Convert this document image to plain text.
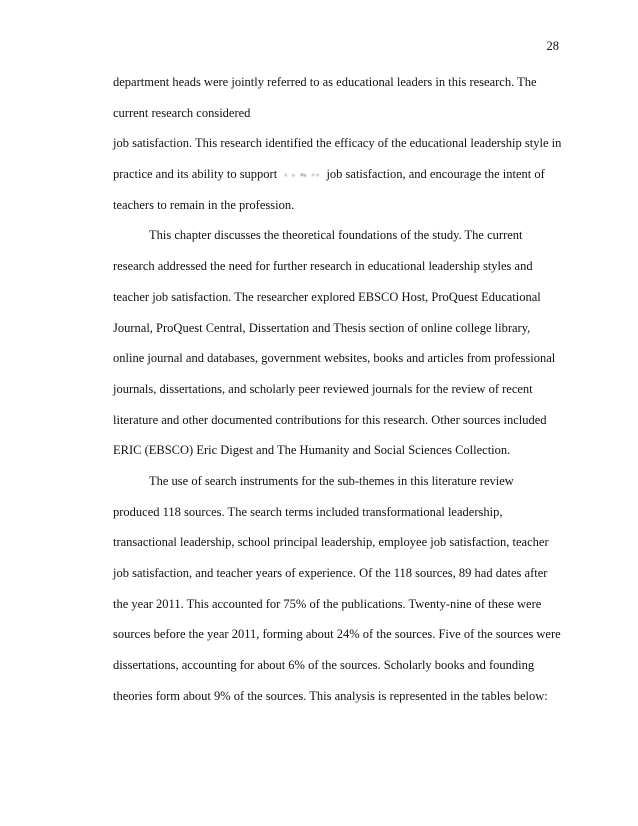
28
department heads were jointly referred to as educational leaders in this research. The
current research considered
job satisfaction. This research identified the efficacy of the educational leadership style in
practice and its ability to support	job satisfaction, and encourage the intent of
teachers to remain in the profession.
This chapter discusses the theoretical foundations of the study. The current
research addressed the need for further research in educational leadership styles and
teacher job satisfaction. The researcher explored EBSCO Host, ProQuest Educational
Journal, ProQuest Central, Dissertation and Thesis section of online college library,
online journal and databases, government websites, books and articles from professional
journals, dissertations, and scholarly peer reviewed journals for the review of recent
literature and other documented contributions for this research. Other sources included
ERIC (EBSCO) Eric Digest and The Humanity and Social Sciences Collection.
The use of search instruments for the sub-themes in this literature review
produced 118 sources. The search terms included transformational leadership,
transactional leadership, school principal leadership, employee job satisfaction, teacher
job satisfaction, and teacher years of experience. Of the 118 sources, 89 had dates after
the year 2011. This accounted for 75% of the publications. Twenty-nine of these were
sources before the year 2011, forming about 24% of the sources. Five of the sources were
dissertations, accounting for about 6% of the sources. Scholarly books and founding
theories form about 9% of the sources. This analysis is represented in the tables below:
